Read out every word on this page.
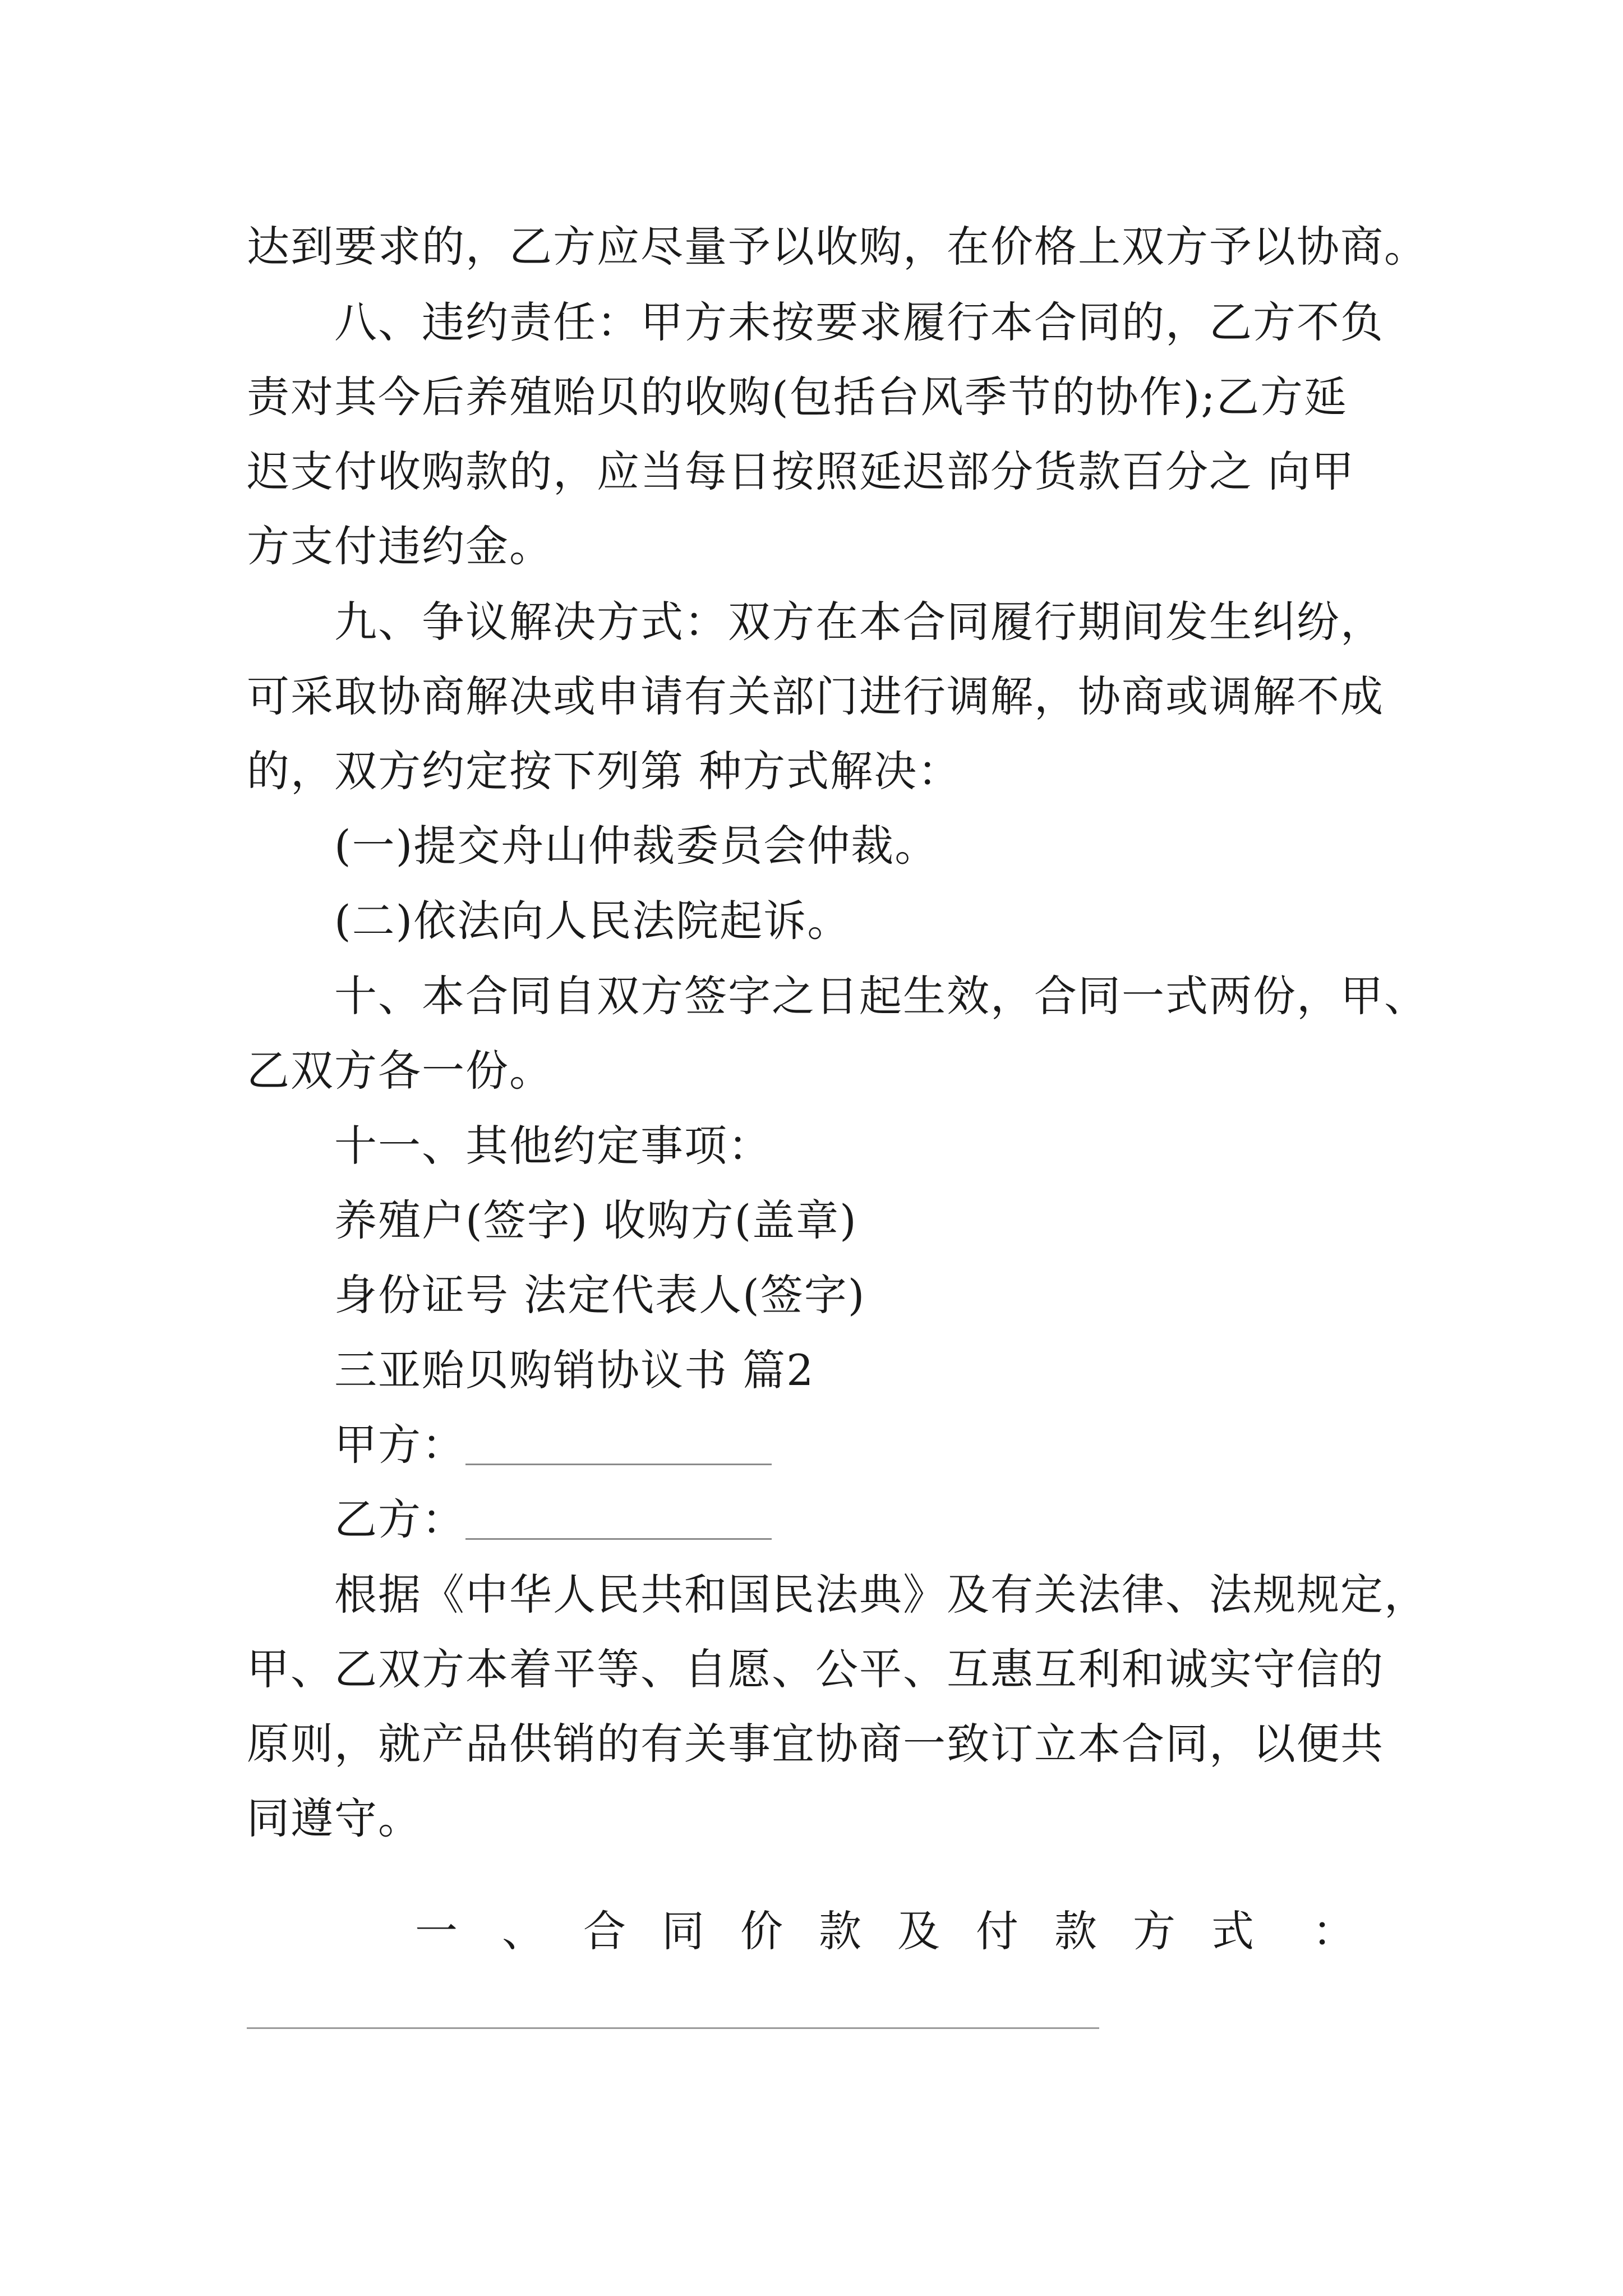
达到要求的，乙方应尽量予以收购，在价格上双方予以协商。
八、违约责任：甲方未按要求履行本合同的，乙方不负
责对其今后养殖贻贝的收购(包括台风季节的协作);乙方延
迟支付收购款的，应当每日按照延迟部分货款百分之 向甲
方支付违约金。
九、争议解决方式：双方在本合同履行期间发生纠纷，
可采取协商解决或申请有关部门进行调解，协商或调解不成
的，双方约定按下列第 种方式解决：
(一)提交舟山仲裁委员会仲裁。
(二)依法向人民法院起诉。
十、本合同自双方签字之日起生效，合同一式两份，甲、
乙双方各一份。
十一、其他约定事项：
养殖户(签字) 收购方(盖章)
身份证号 法定代表人(签字)
三亚贻贝购销协议书 篇2
甲方：
乙方：
根据《中华人民共和国民法典》及有关法律、法规规定，
甲、乙双方本着平等、自愿、公平、互惠互利和诚实守信的
原则，就产品供销的有关事宜协商一致订立本合同，以便共
同遵守。
一 、 合 同 价 款 及 付 款 方 式 ：
